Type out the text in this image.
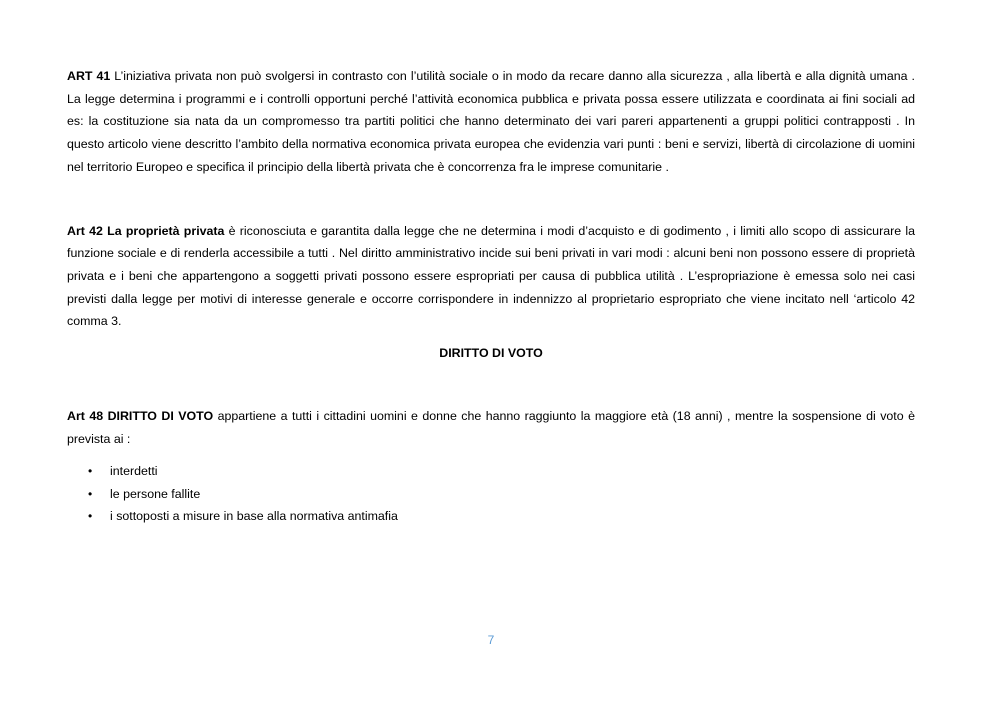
ART 41 L’iniziativa privata non può svolgersi in contrasto con l’utilità sociale o in modo da recare danno alla sicurezza , alla libertà e alla dignità umana . La legge determina i programmi e i controlli opportuni perché l’attività economica pubblica e privata possa essere utilizzata e coordinata ai fini sociali ad es: la costituzione sia nata da un compromesso tra partiti politici che hanno determinato dei vari pareri appartenenti a gruppi politici contrapposti . In questo articolo viene descritto l’ambito della normativa economica privata europea che evidenzia vari punti : beni e servizi, libertà di circolazione di uomini nel territorio Europeo e specifica il principio della libertà privata che è concorrenza fra le imprese comunitarie .

Art 42 La proprietà privata è riconosciuta e garantita dalla legge che ne determina i modi d’acquisto e di godimento , i limiti allo scopo di assicurare la funzione sociale e di renderla accessibile a tutti . Nel diritto amministrativo incide sui beni privati in vari modi : alcuni beni non possono essere di proprietà privata e i beni che appartengono a soggetti privati possono essere espropriati per causa di pubblica utilità . L’espropriazione è emessa solo nei casi previsti dalla legge per motivi di interesse generale e occorre corrispondere in indennizzo al proprietario espropriato che viene incitato nell ‘articolo 42 comma 3.

DIRITTO DI VOTO

Art 48 DIRITTO DI VOTO appartiene a tutti i cittadini uomini e donne che hanno raggiunto la maggiore età (18 anni) , mentre la sospensione di voto è prevista ai :

• interdetti
• le persone fallite
• i sottoposti a misure in base alla normativa antimafia
7
